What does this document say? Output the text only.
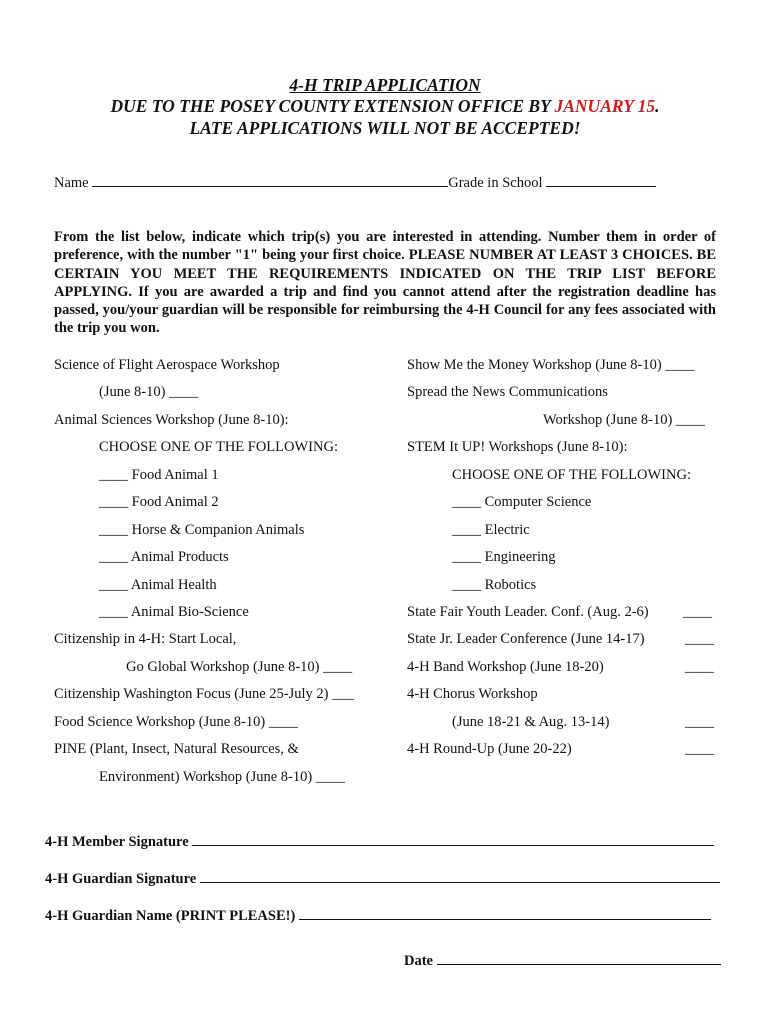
4-H TRIP APPLICATION
DUE TO THE POSEY COUNTY EXTENSION OFFICE BY JANUARY 15.
LATE APPLICATIONS WILL NOT BE ACCEPTED!
Name	Grade in School
From the list below, indicate which trip(s) you are interested in attending. Number them in order of preference, with the number "1" being your first choice. PLEASE NUMBER AT LEAST 3 CHOICES. BE CERTAIN YOU MEET THE REQUIREMENTS INDICATED ON THE TRIP LIST BEFORE APPLYING. If you are awarded a trip and find you cannot attend after the registration deadline has passed, you/your guardian will be responsible for reimbursing the 4-H Council for any fees associated with the trip you won.
Science of Flight Aerospace Workshop
(June 8-10) ____
Animal Sciences Workshop (June 8-10):
CHOOSE ONE OF THE FOLLOWING:
____ Food Animal 1
____ Food Animal 2
____ Horse & Companion Animals
____ Animal Products
____ Animal Health
____ Animal Bio-Science
Citizenship in 4-H: Start Local,
Go Global Workshop (June 8-10) ____
Citizenship Washington Focus (June 25-July 2) ___
Food Science Workshop (June 8-10) ____
PINE (Plant, Insect, Natural Resources, &
Environment) Workshop (June 8-10) ____
Show Me the Money Workshop (June 8-10) ____
Spread the News Communications
Workshop (June 8-10) ____
STEM It UP! Workshops (June 8-10):
CHOOSE ONE OF THE FOLLOWING:
____ Computer Science
____ Electric
____ Engineering
____ Robotics
State Fair Youth Leader. Conf. (Aug. 2-6) ____
State Jr. Leader Conference (June 14-17)	____
4-H Band Workshop (June 18-20)	____
4-H Chorus Workshop
(June 18-21 & Aug. 13-14)	____
4-H Round-Up (June 20-22)	____
4-H Member Signature
4-H Guardian Signature
4-H Guardian Name (PRINT PLEASE!)
Date
